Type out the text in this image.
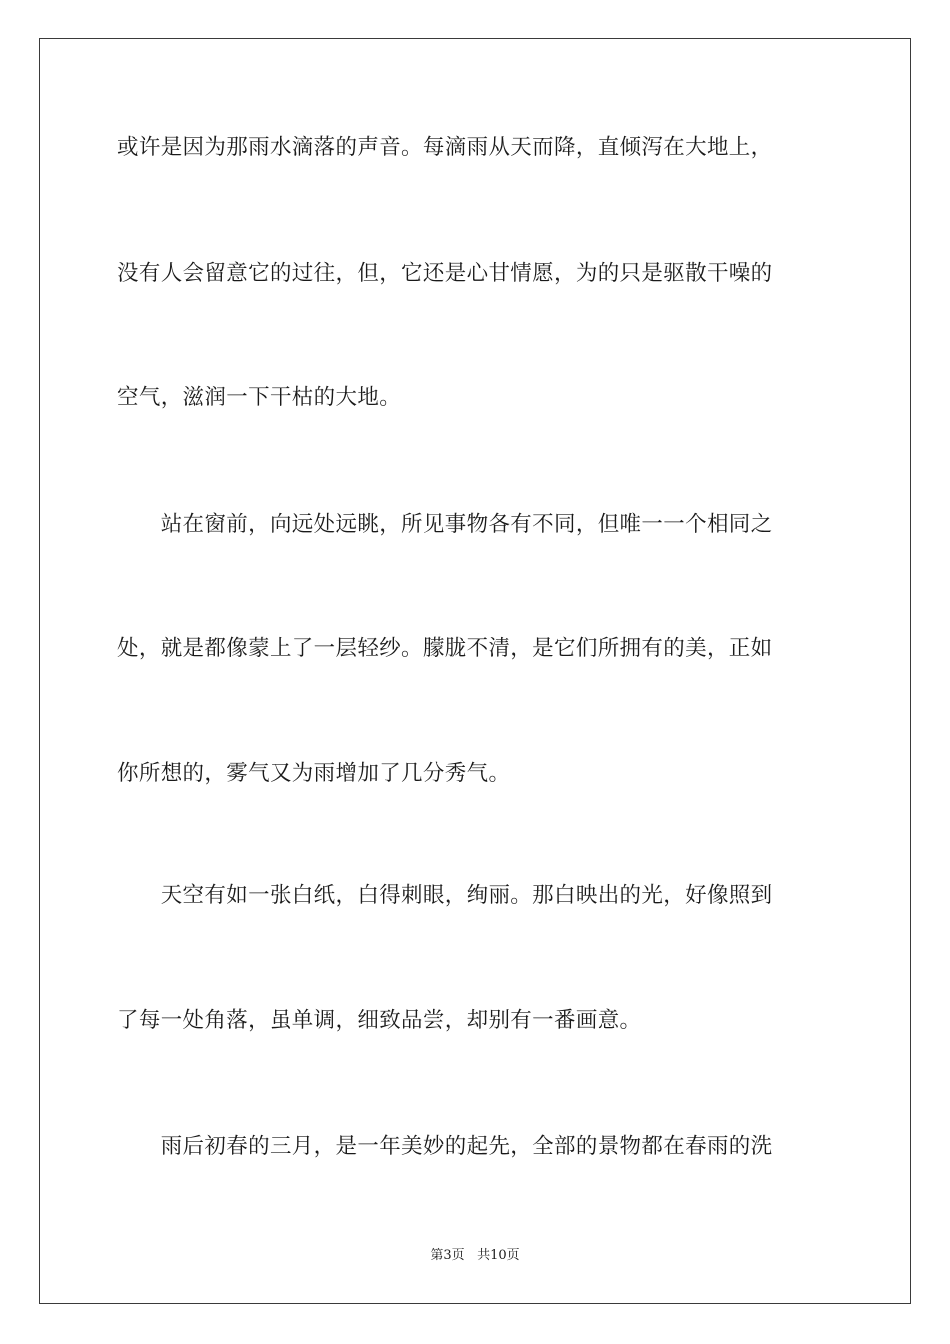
或许是因为那雨水滴落的声音。每滴雨从天而降，直倾泻在大地上，
没有人会留意它的过往，但，它还是心甘情愿，为的只是驱散干噪的
空气，滋润一下干枯的大地。
　　站在窗前，向远处远眺，所见事物各有不同，但唯一一个相同之
处，就是都像蒙上了一层轻纱。朦胧不清，是它们所拥有的美，正如
你所想的，雾气又为雨增加了几分秀气。
　　天空有如一张白纸，白得刺眼，绚丽。那白映出的光，好像照到
了每一处角落，虽单调，细致品尝，却别有一番画意。
　　雨后初春的三月，是一年美妙的起先，全部的景物都在春雨的洗
第3页 共10页
